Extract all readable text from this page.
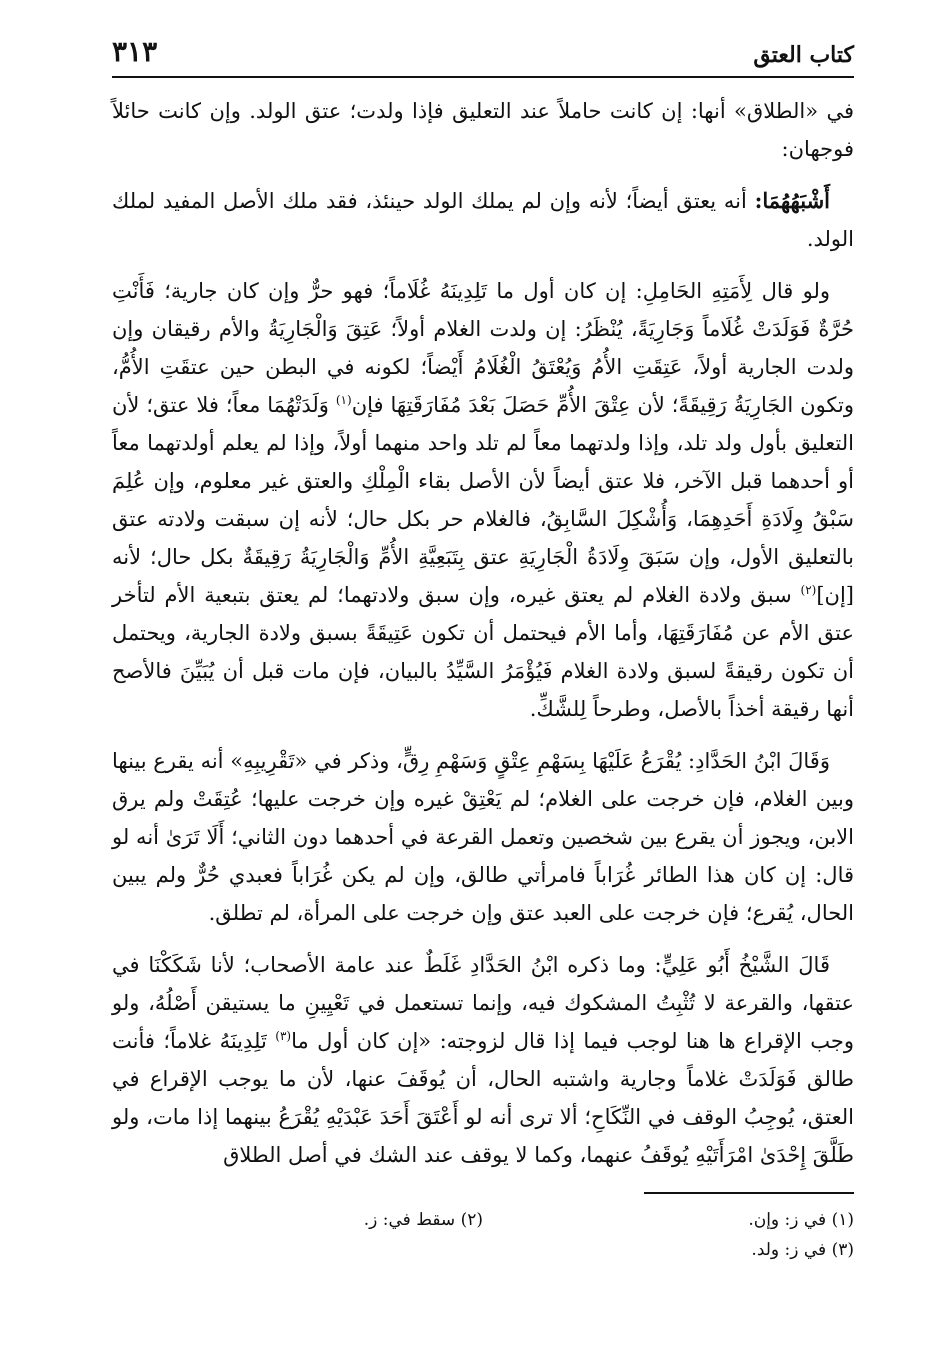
كتاب العتق
٣١٣

في «الطلاق» أنها: إن كانت حاملاً عند التعليق فإذا ولدت؛ عتق الولد. وإن كانت حائلاً فوجهان:

أَشْبَهُهُمَا: أنه يعتق أيضاً؛ لأنه وإن لم يملك الولد حينئذ، فقد ملك الأصل المفيد لملك الولد.

ولو قال لِأَمَتِهِ الحَامِلِ: إن كان أول ما تَلِدِينَهُ غُلَاماً؛ فهو حرٌّ وإن كان جارية؛ فَأَنْتِ حُرَّةٌ فَوَلَدَتْ غُلَاماً وَجَارِيَةً، يُنْظَرُ: إن ولدت الغلام أولاً؛ عَتِقَ وَالْجَارِيَةُ والأم رقيقان وإن ولدت الجارية أولاً، عَتِقَتِ الأُمُ وَيُعْتَقُ الْغُلَامُ أَيْضاً؛ لكونه في البطن حين عتقَتِ الأُمُّ، وتكون الجَارِيَةُ رَقِيقَةً؛ لأن عِتْقَ الأُمِّ حَصَلَ بَعْدَ مُفَارَقَتِهَا فإن$^{(١)}$ وَلَدَتْهُمَا معاً؛ فلا عتق؛ لأن التعليق بأول ولد تلد، وإذا ولدتهما معاً لم تلد واحد منهما أولاً، وإذا لم يعلم أولدتهما معاً أو أحدهما قبل الآخر، فلا عتق أيضاً لأن الأصل بقاء الْمِلْكِ والعتق غير معلوم، وإن عُلِمَ سَبْقُ وِلَادَةِ أَحَدِهِمَا، وَأُشْكِلَ السَّابِقُ، فالغلام حر بكل حال؛ لأنه إن سبقت ولادته عتق بالتعليق الأول، وإن سَبَقَ وِلَادَةُ الْجَارِيَةِ عتق بِتَبَعِيَّةِ الأُمِّ وَالْجَارِيَةُ رَقِيقَةٌ بكل حال؛ لأنه [إن]$^{(٢)}$ سبق ولادة الغلام لم يعتق غيره، وإن سبق ولادتهما؛ لم يعتق بتبعية الأم لتأخر عتق الأم عن مُفَارَقَتِهَا، وأما الأم فيحتمل أن تكون عَتِيقَةً بسبق ولادة الجارية، ويحتمل أن تكون رقيقةً لسبق ولادة الغلام فَيُؤْمَرُ السَّيِّدُ بالبيان، فإن مات قبل أن يُبَيِّنَ فالأصح أنها رقيقة أخذاً بالأصل، وطرحاً لِلشَّكِّ.

وَقَالَ ابْنُ الحَدَّادِ: يُقْرَعُ عَلَيْهَا بِسَهْمِ عِتْقٍ وَسَهْمِ رِقٍّ، وذكر في «تَقْرِيبِهِ» أنه يقرع بينها وبين الغلام، فإن خرجت على الغلام؛ لم يَعْتِقْ غيره وإن خرجت عليها؛ عُتِقَتْ ولم يرق الابن، ويجوز أن يقرع بين شخصين وتعمل القرعة في أحدهما دون الثاني؛ أَلَا تَرَىٰ أنه لو قال: إن كان هذا الطائر غُرَاباً فامرأتي طالق، وإن لم يكن غُرَاباً فعبدي حُرٌّ ولم يبين الحال، يُقرع؛ فإن خرجت على العبد عتق وإن خرجت على المرأة، لم تطلق.

قَالَ الشَّيْخُ أَبُو عَلِيٍّ: وما ذكره ابْنُ الحَدَّادِ غَلَطٌ عند عامة الأصحاب؛ لأنا شَكَكْنَا في عتقها، والقرعة لا تُثْبِتُ المشكوك فيه، وإنما تستعمل في تَعْيِينِ ما يستيقن أَصْلُهُ، ولو وجب الإقراع ها هنا لوجب فيما إذا قال لزوجته: «إن كان أول ما$^{(٣)}$ تَلِدِينَهُ غلاماً؛ فأنت طالق فَوَلَدَتْ غلاماً وجارية واشتبه الحال، أن يُوقَفَ عنها، لأن ما يوجب الإقراع في العتق، يُوجِبُ الوقف في النِّكَاحِ؛ ألا ترى أنه لو أَعْتَقَ أَحَدَ عَبْدَيْهِ يُقْرَعُ بينهما إذا مات، ولو طَلَّقَ إِحْدَىٰ امْرَأَتَيْهِ يُوقَفُ عنهما، وكما لا يوقف عند الشك في أصل الطلاق

(١) في ز: وإن.
(٢) سقط في: ز.
(٣) في ز: ولد.
